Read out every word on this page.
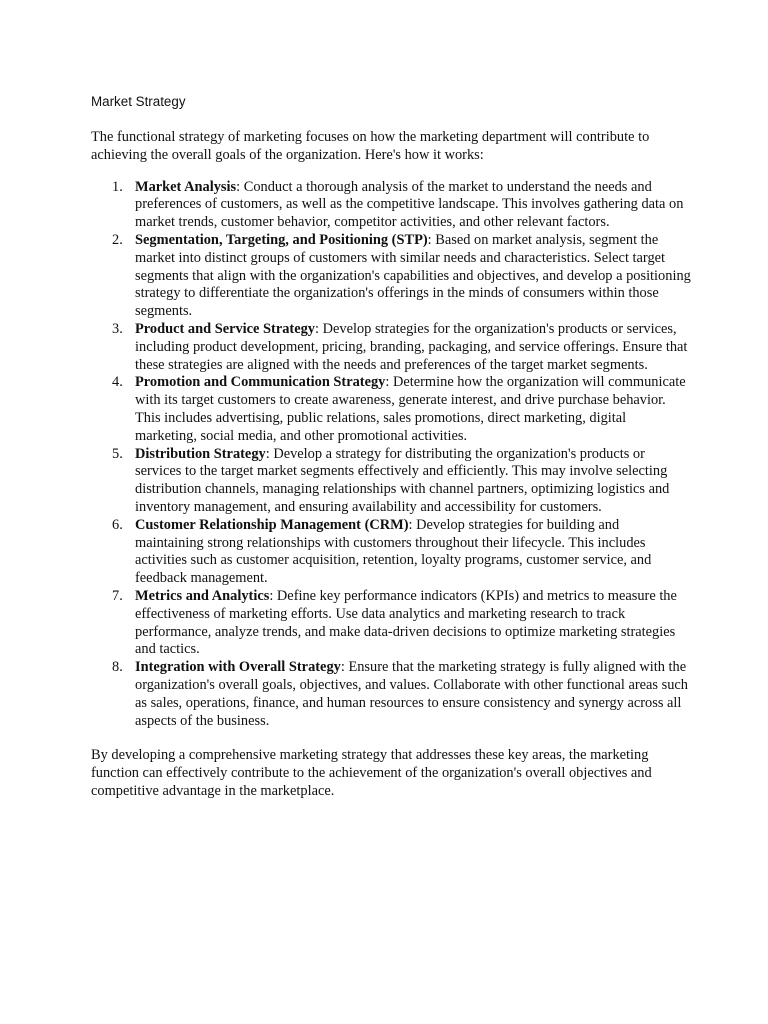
Market Strategy

The functional strategy of marketing focuses on how the marketing department will contribute to achieving the overall goals of the organization. Here's how it works:

1. Market Analysis: Conduct a thorough analysis of the market to understand the needs and preferences of customers, as well as the competitive landscape. This involves gathering data on market trends, customer behavior, competitor activities, and other relevant factors.
2. Segmentation, Targeting, and Positioning (STP): Based on market analysis, segment the market into distinct groups of customers with similar needs and characteristics. Select target segments that align with the organization's capabilities and objectives, and develop a positioning strategy to differentiate the organization's offerings in the minds of consumers within those segments.
3. Product and Service Strategy: Develop strategies for the organization's products or services, including product development, pricing, branding, packaging, and service offerings. Ensure that these strategies are aligned with the needs and preferences of the target market segments.
4. Promotion and Communication Strategy: Determine how the organization will communicate with its target customers to create awareness, generate interest, and drive purchase behavior. This includes advertising, public relations, sales promotions, direct marketing, digital marketing, social media, and other promotional activities.
5. Distribution Strategy: Develop a strategy for distributing the organization's products or services to the target market segments effectively and efficiently. This may involve selecting distribution channels, managing relationships with channel partners, optimizing logistics and inventory management, and ensuring availability and accessibility for customers.
6. Customer Relationship Management (CRM): Develop strategies for building and maintaining strong relationships with customers throughout their lifecycle. This includes activities such as customer acquisition, retention, loyalty programs, customer service, and feedback management.
7. Metrics and Analytics: Define key performance indicators (KPIs) and metrics to measure the effectiveness of marketing efforts. Use data analytics and marketing research to track performance, analyze trends, and make data-driven decisions to optimize marketing strategies and tactics.
8. Integration with Overall Strategy: Ensure that the marketing strategy is fully aligned with the organization's overall goals, objectives, and values. Collaborate with other functional areas such as sales, operations, finance, and human resources to ensure consistency and synergy across all aspects of the business.

By developing a comprehensive marketing strategy that addresses these key areas, the marketing function can effectively contribute to the achievement of the organization's overall objectives and competitive advantage in the marketplace.
